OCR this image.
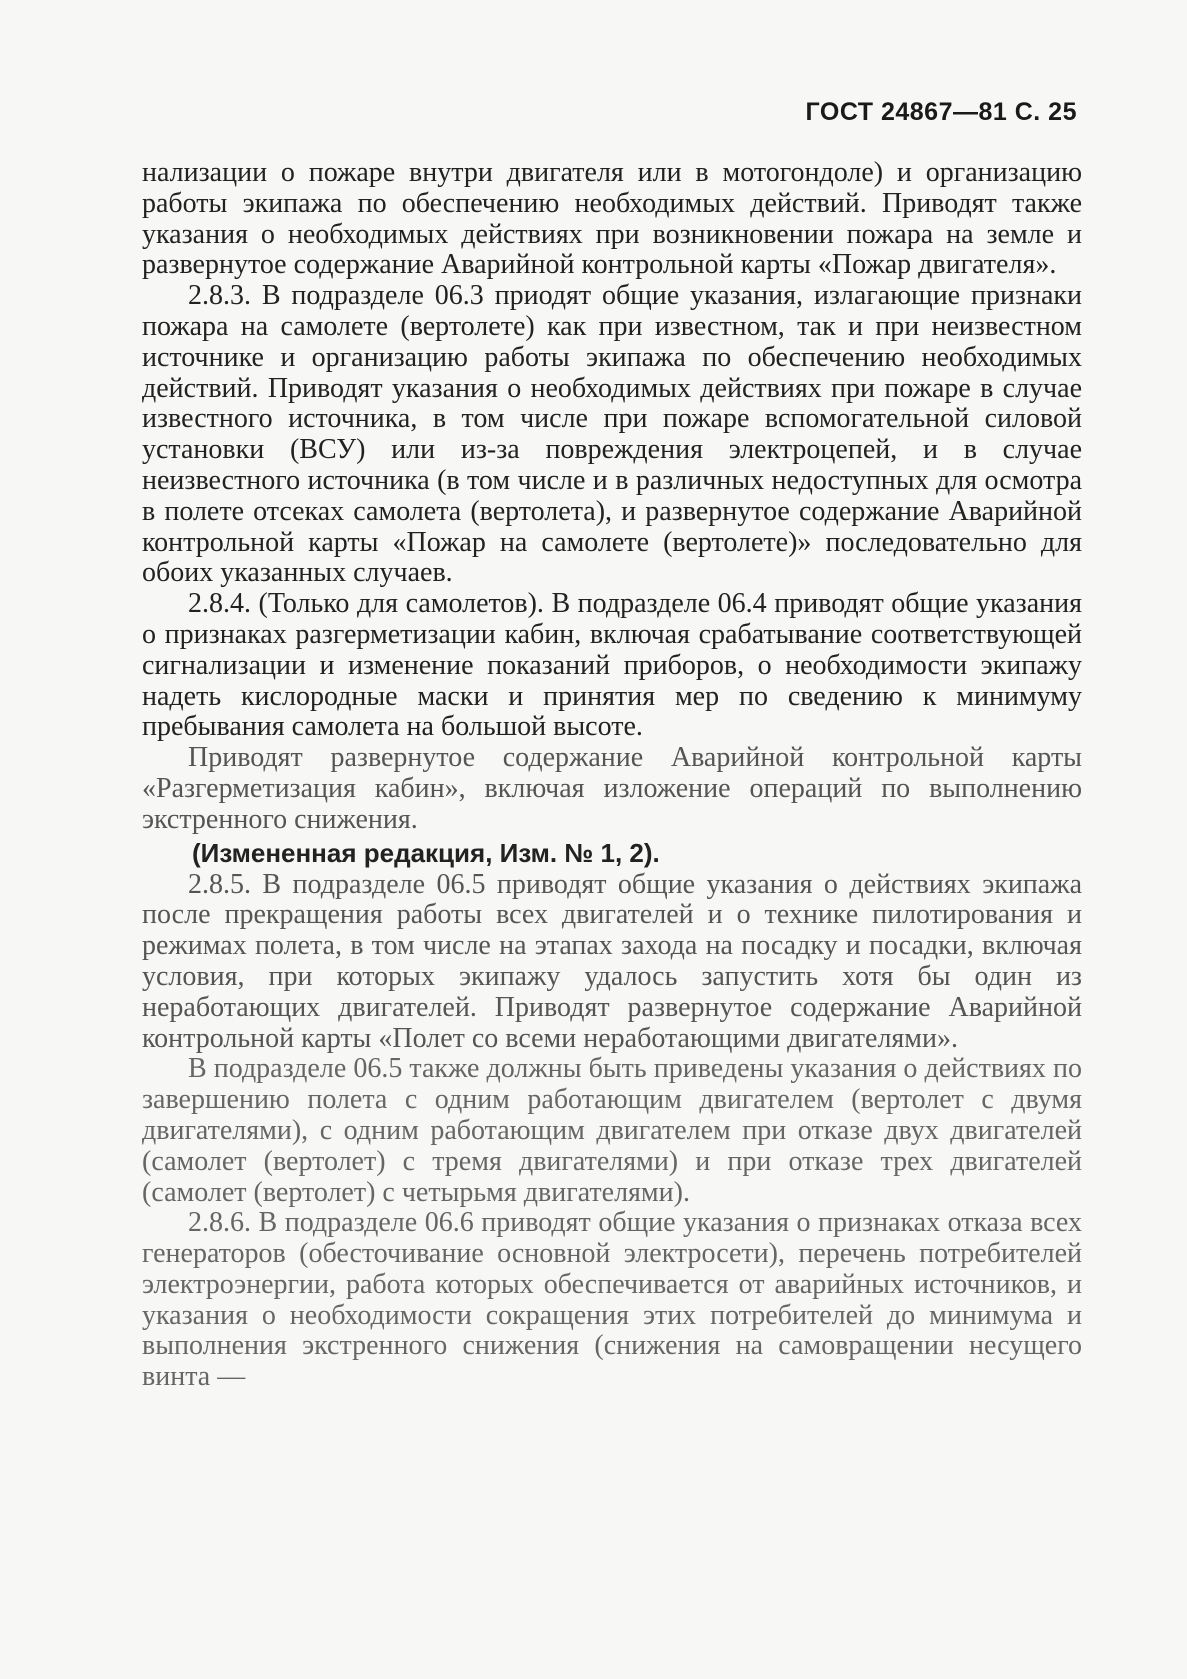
ГОСТ 24867—81 С. 25

нализации о пожаре внутри двигателя или в мотогондоле) и организацию работы экипажа по обеспечению необходимых действий. Приводят также указания о необходимых действиях при возникновении пожара на земле и развернутое содержание Аварийной контрольной карты «Пожар двигателя».

2.8.3. В подразделе 06.3 приодят общие указания, излагающие признаки пожара на самолете (вертолете) как при известном, так и при неизвестном источнике и организацию работы экипажа по обеспечению необходимых действий. Приводят указания о необходимых действиях при пожаре в случае известного источника, в том числе при пожаре вспомогательной силовой установки (ВСУ) или из-за повреждения электроцепей, и в случае неизвестного источника (в том числе и в различных недоступных для осмотра в полете отсеках самолета (вертолета), и развернутое содержание Аварийной контрольной карты «Пожар на самолете (вертолете)» последовательно для обоих указанных случаев.

2.8.4. (Только для самолетов). В подразделе 06.4 приводят общие указания о признаках разгерметизации кабин, включая срабатывание соответствующей сигнализации и изменение показаний приборов, о необходимости экипажу надеть кислородные маски и принятия мер по сведению к минимуму пребывания самолета на большой высоте.

Приводят развернутое содержание Аварийной контрольной карты «Разгерметизация кабин», включая изложение операций по выполнению экстренного снижения.

(Измененная редакция, Изм. № 1, 2).

2.8.5. В подразделе 06.5 приводят общие указания о действиях экипажа после прекращения работы всех двигателей и о технике пилотирования и режимах полета, в том числе на этапах захода на посадку и посадки, включая условия, при которых экипажу удалось запустить хотя бы один из неработающих двигателей. Приводят развернутое содержание Аварийной контрольной карты «Полет со всеми неработающими двигателями».

В подразделе 06.5 также должны быть приведены указания о действиях по завершению полета с одним работающим двигателем (вертолет с двумя двигателями), с одним работающим двигателем при отказе двух двигателей (самолет (вертолет) с тремя двигателями) и при отказе трех двигателей (самолет (вертолет) с четырьмя двигателями).

2.8.6. В подразделе 06.6 приводят общие указания о признаках отказа всех генераторов (обесточивание основной электросети), перечень потребителей электроэнергии, работа которых обеспечивается от аварийных источников, и указания о необходимости сокращения этих потребителей до минимума и выполнения экстренного снижения (снижения на самовращении несущего винта —
